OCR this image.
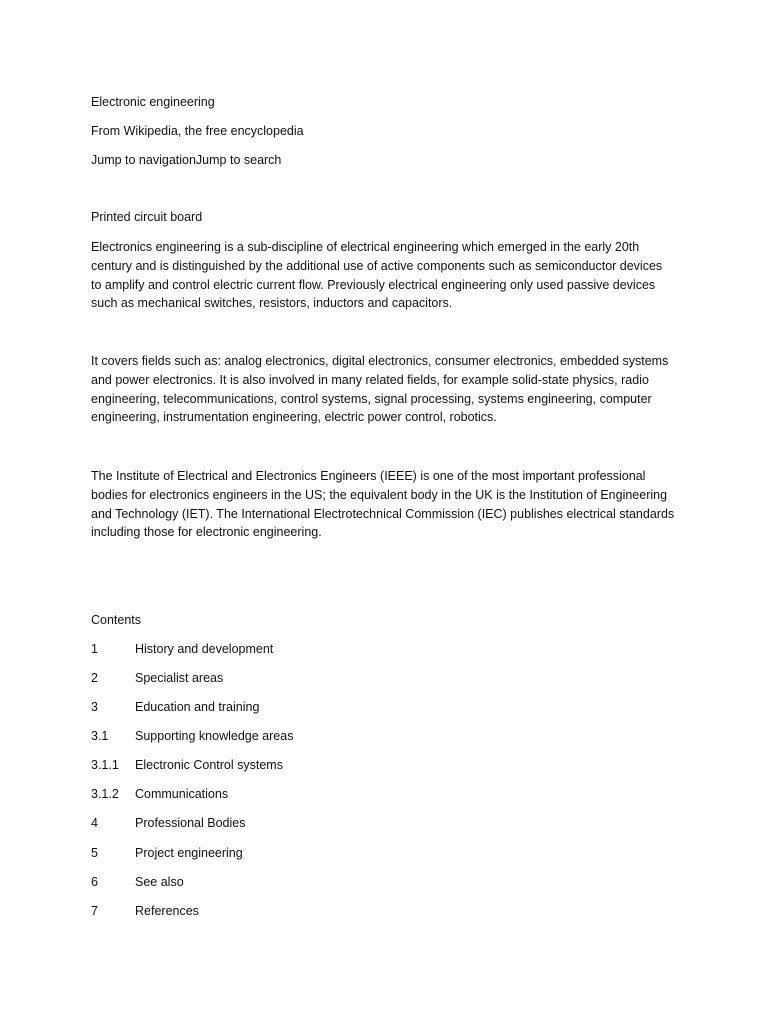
Electronic engineering
From Wikipedia, the free encyclopedia
Jump to navigationJump to search
Printed circuit board
Electronics engineering is a sub-discipline of electrical engineering which emerged in the early 20th
century and is distinguished by the additional use of active components such as semiconductor devices
to amplify and control electric current flow. Previously electrical engineering only used passive devices
such as mechanical switches, resistors, inductors and capacitors.
It covers fields such as: analog electronics, digital electronics, consumer electronics, embedded systems
and power electronics. It is also involved in many related fields, for example solid-state physics, radio
engineering, telecommunications, control systems, signal processing, systems engineering, computer
engineering, instrumentation engineering, electric power control, robotics.
The Institute of Electrical and Electronics Engineers (IEEE) is one of the most important professional
bodies for electronics engineers in the US; the equivalent body in the UK is the Institution of Engineering
and Technology (IET). The International Electrotechnical Commission (IEC) publishes electrical standards
including those for electronic engineering.
Contents
1	History and development
2	Specialist areas
3	Education and training
3.1 Supporting knowledge areas
3.1.1 Electronic Control systems
3.1.2 Communications
4	Professional Bodies
5	Project engineering
6	See also
7	References
